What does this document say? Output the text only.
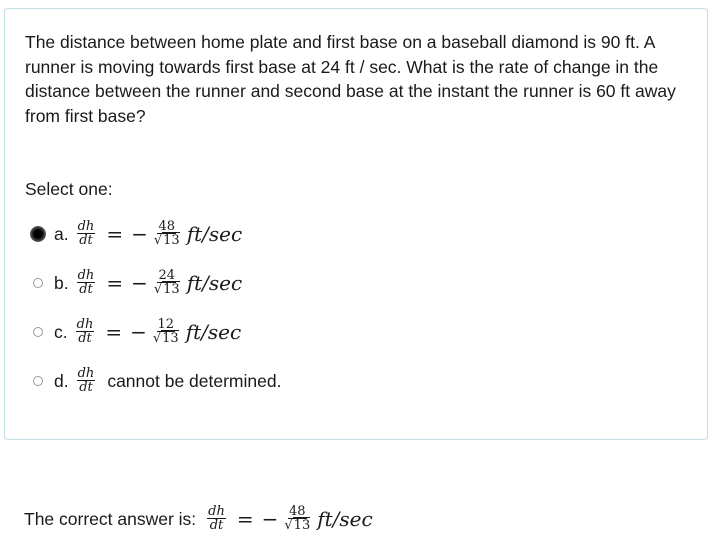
The distance between home plate and first base on a baseball diamond is 90 ft. A runner is moving towards first base at 24 ft / sec. What is the rate of change in the distance between the runner and second base at the instant the runner is 60 ft away from first base?

Select one:
a. $\frac{dh}{dt}$ = − $\frac{48}{√13} ft/\sec$
b. $\frac{dh}{dt}$ = − $\frac{24}{√13} ft/\sec$
c. $\frac{dh}{dt}$ = − $\frac{12}{√13} ft/\sec$
d. $\frac{dh}{dt}$ cannot be determined.
The correct answer is: $\frac{dh}{dt}$ = − $\frac{48}{√13} ft/\sec$
